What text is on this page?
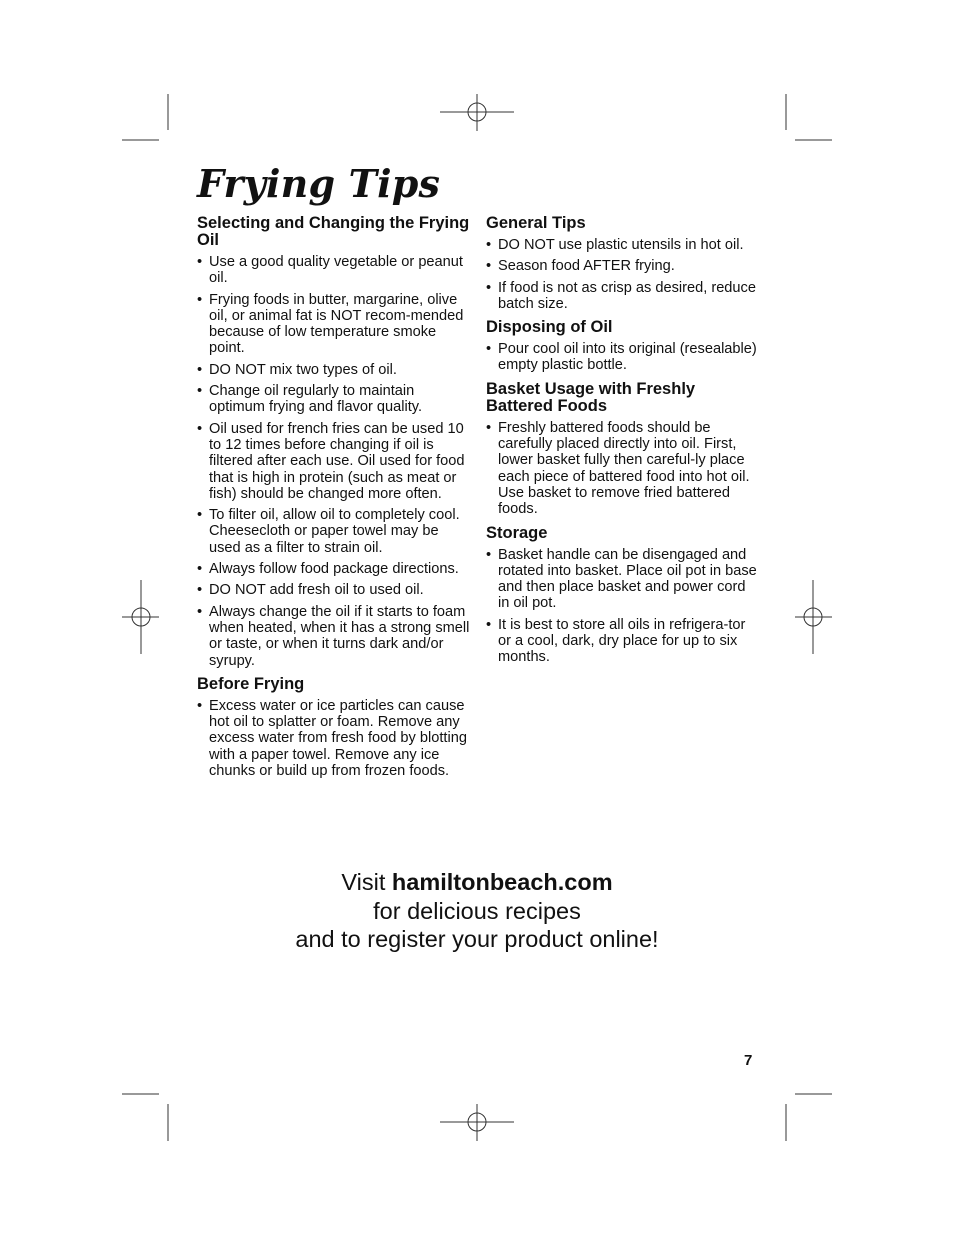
Frying Tips
Selecting and Changing the Frying Oil
• Use a good quality vegetable or peanut oil.
• Frying foods in butter, margarine, olive oil, or animal fat is NOT recom-mended because of low temperature smoke point.
• DO NOT mix two types of oil.
• Change oil regularly to maintain optimum frying and flavor quality.
• Oil used for french fries can be used 10 to 12 times before changing if oil is filtered after each use. Oil used for food that is high in protein (such as meat or fish) should be changed more often.
• To filter oil, allow oil to completely cool. Cheesecloth or paper towel may be used as a filter to strain oil.
• Always follow food package directions.
• DO NOT add fresh oil to used oil.
• Always change the oil if it starts to foam when heated, when it has a strong smell or taste, or when it turns dark and/or syrupy.
Before Frying
• Excess water or ice particles can cause hot oil to splatter or foam. Remove any excess water from fresh food by blotting with a paper towel. Remove any ice chunks or build up from frozen foods.
General Tips
• DO NOT use plastic utensils in hot oil.
• Season food AFTER frying.
• If food is not as crisp as desired, reduce batch size.
Disposing of Oil
• Pour cool oil into its original (resealable) empty plastic bottle.
Basket Usage with Freshly Battered Foods
• Freshly battered foods should be carefully placed directly into oil. First, lower basket fully then careful-ly place each piece of battered food into hot oil. Use basket to remove fried battered foods.
Storage
• Basket handle can be disengaged and rotated into basket. Place oil pot in base and then place basket and power cord in oil pot.
• It is best to store all oils in refrigera-tor or a cool, dark, dry place for up to six months.
Visit hamiltonbeach.com
for delicious recipes
and to register your product online!
7
